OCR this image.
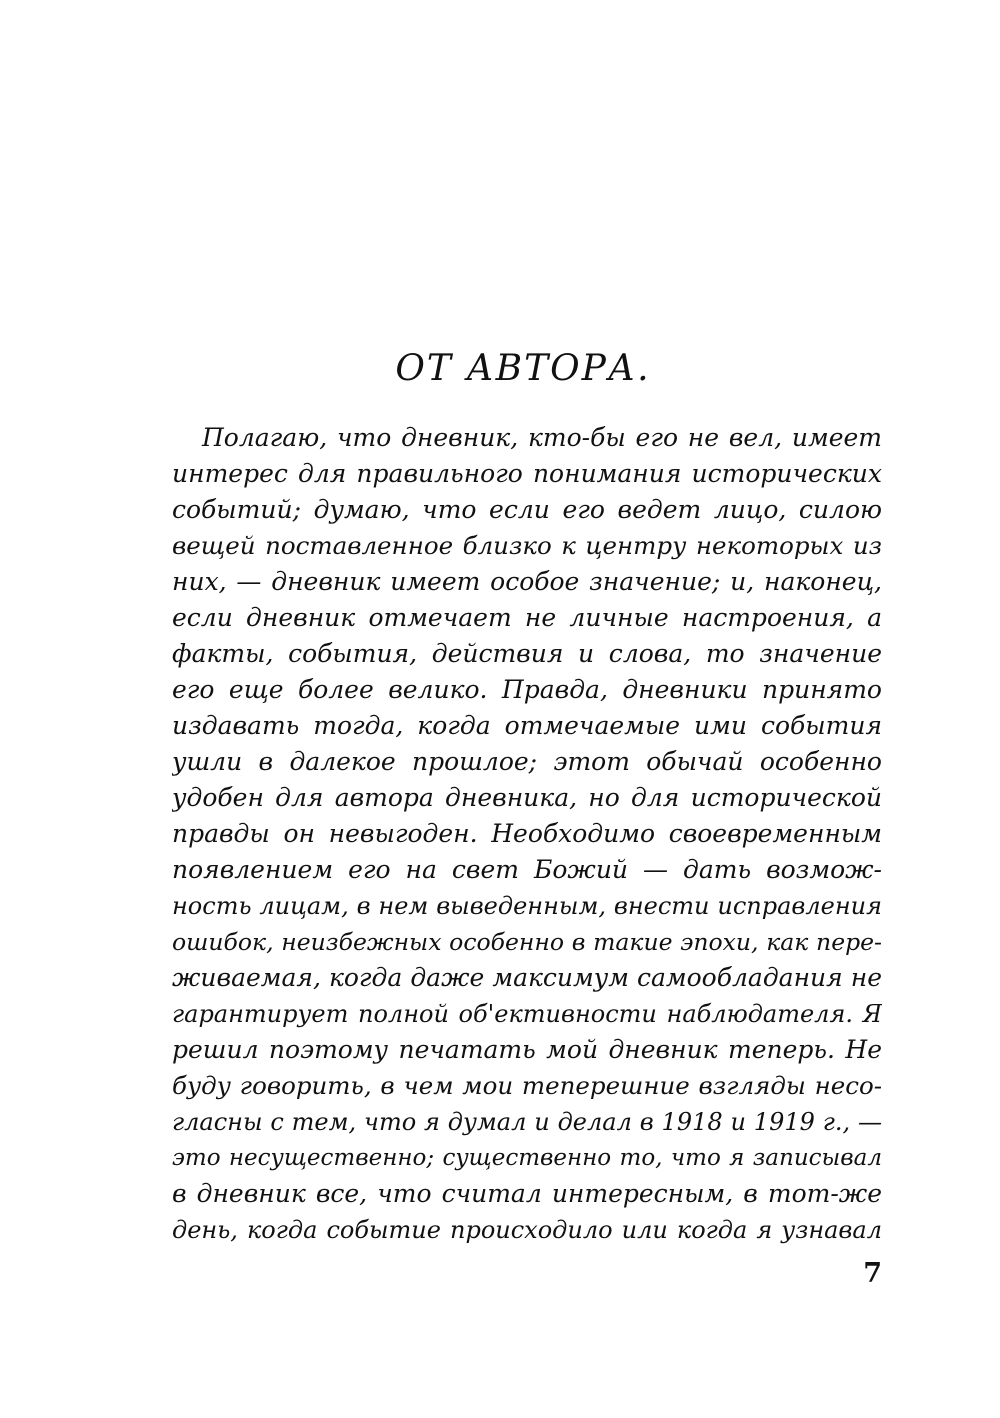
ОТ АВТОРА.
Полагаю, что дневник, кто-бы его не вел, имеет
интерес для правильного понимания исторических
событий; думаю, что если его ведет лицо, силою
вещей поставленное близко к центру некоторых из
них, — дневник имеет особое значение; и, наконец,
если дневник отмечает не личные настроения, а
факты, события, действия и слова, то значение
его еще более велико. Правда, дневники принято
издавать тогда, когда отмечаемые ими события
ушли в далекое прошлое; этот обычай особенно
удобен для автора дневника, но для исторической
правды он невыгоден. Необходимо своевременным
появлением его на свет Божий — дать возмож-
ность лицам, в нем выведенным, внести исправления
ошибок, неизбежных особенно в такие эпохи, как пере-
живаемая, когда даже максимум самообладания не
гарантирует полной об'ективности наблюдателя. Я
решил поэтому печатать мой дневник теперь. Не
буду говорить, в чем мои теперешние взгляды несо-
гласны с тем, что я думал и делал в 1918 и 1919 г., —
это несущественно; существенно то, что я записывал
в дневник все, что считал интересным, в тот-же
день, когда событие происходило или когда я узнавал
7
